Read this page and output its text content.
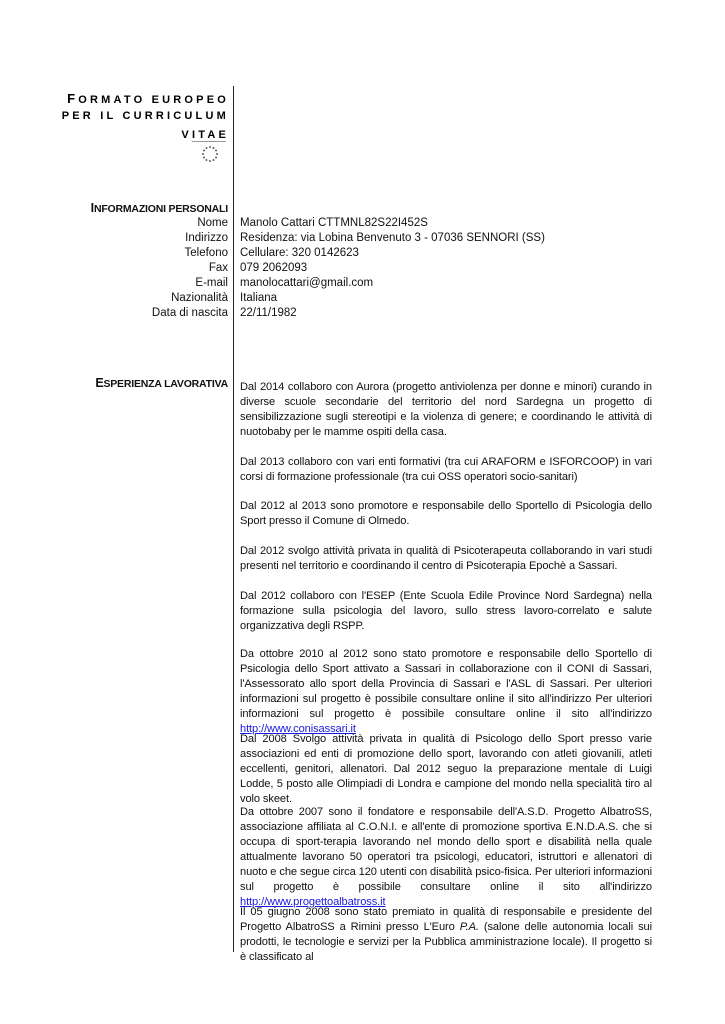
FORMATO EUROPEO
PER IL CURRICULUM
VITAE
INFORMAZIONI PERSONALI
Nome Manolo Cattari CTTMNL82S22I452S
Indirizzo Residenza: via Lobina Benvenuto 3 - 07036 SENNORI (SS)
Telefono Cellulare: 320 0142623
Fax 079 2062093
E-mail manolocattari@gmail.com
Nazionalità Italiana
Data di nascita 22/11/1982
ESPERIENZA LAVORATIVA Dal 2014 collaboro con Aurora (progetto antiviolenza per donne e minori) curando in diverse scuole secondarie del territorio del nord Sardegna un progetto di sensibilizzazione sugli stereotipi e la violenza di genere; e coordinando le attività di nuotobaby per le mamme ospiti della casa.
Dal 2013 collaboro con vari enti formativi (tra cui ARAFORM e ISFORCOOP) in vari corsi di formazione professionale (tra cui OSS operatori socio-sanitari)
Dal 2012 al 2013 sono promotore e responsabile dello Sportello di Psicologia dello Sport presso il Comune di Olmedo.
Dal 2012 svolgo attività privata in qualità di Psicoterapeuta collaborando in vari studi presenti nel territorio e coordinando il centro di Psicoterapia Epochè a Sassari.
Dal 2012 collaboro con l'ESEP (Ente Scuola Edile Province Nord Sardegna) nella formazione sulla psicologia del lavoro, sullo stress lavoro-correlato e salute organizzativa degli RSPP.
Da ottobre 2010 al 2012 sono stato promotore e responsabile dello Sportello di Psicologia dello Sport attivato a Sassari in collaborazione con il CONI di Sassari, l'Assessorato allo sport della Provincia di Sassari e l'ASL di Sassari. Per ulteriori informazioni sul progetto è possibile consultare online il sito all'indirizzo Per ulteriori informazioni sul progetto è possibile consultare online il sito all'indirizzo http://www.conisassari.it
Dal 2008 Svolgo attività privata in qualità di Psicologo dello Sport presso varie associazioni ed enti di promozione dello sport, lavorando con atleti giovanili, atleti eccellenti, genitori, allenatori. Dal 2012 seguo la preparazione mentale di Luigi Lodde, 5 posto alle Olimpiadi di Londra e campione del mondo nella specialità tiro al volo skeet.
Da ottobre 2007 sono il fondatore e responsabile dell'A.S.D. Progetto AlbatroSS, associazione affiliata al C.O.N.I. e all'ente di promozione sportiva E.N.D.A.S. che si occupa di sport-terapia lavorando nel mondo dello sport e disabilità nella quale attualmente lavorano 50 operatori tra psicologi, educatori, istruttori e allenatori di nuoto e che segue circa 120 utenti con disabilità psico-fisica. Per ulteriori informazioni sul progetto è possibile consultare online il sito all'indirizzo http://www.progettoalbatross.it
Il 05 giugno 2008 sono stato premiato in qualità di responsabile e presidente del Progetto AlbatroSS a Rimini presso L'Euro P.A. (salone delle autonomia locali sui prodotti, le tecnologie e servizi per la Pubblica amministrazione locale). Il progetto si è classificato al
